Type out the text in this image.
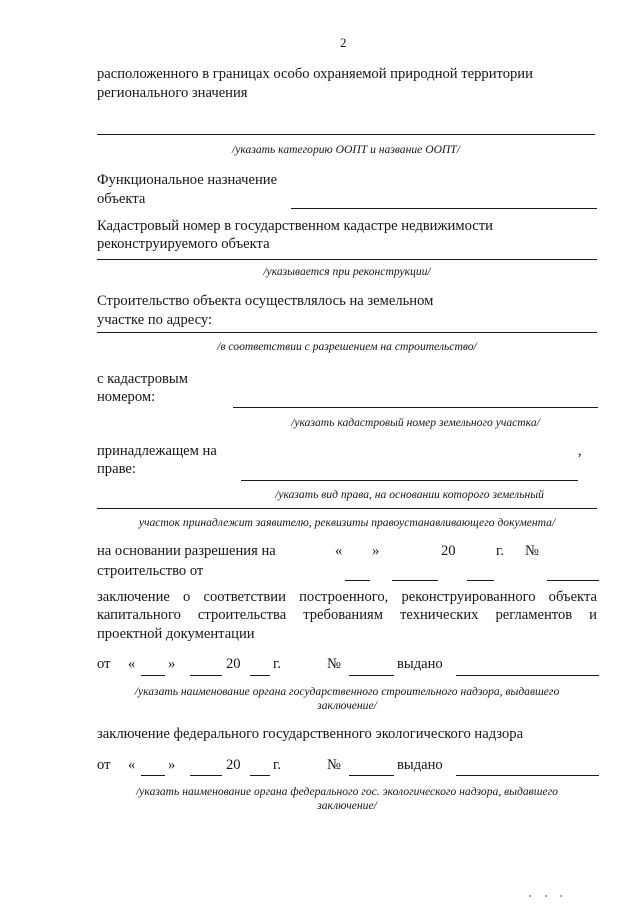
2
расположенного в границах особо охраняемой природной территории
регионального значения
/указать категорию ООПТ и название ООПТ/
Функциональное назначение
объекта
Кадастровый номер в государственном кадастре недвижимости
реконструируемого объекта
/указывается при реконструкции/
Строительство объекта осуществлялось на земельном
участке по адресу:
/в соответствии с разрешением на строительство/
с кадастровым
номером:
/указать кадастровый номер земельного участка/
принадлежащем на
праве:
,
/указать вид права, на основании которого земельный
участок принадлежит заявителю, реквизиты правоустанавливающего документа/
на основании разрешения на
строительство от
« »	20	г. №
заключение о соответствии построенного, реконструированного объекта
капитального строительства требованиям технических регламентов и
проектной документации
от « »	20 г.	№	выдано
/указать наименование органа государственного строительного надзора, выдавшего
заключение/
заключение федерального государственного экологического надзора
от « »	20 г.	№	выдано
/указать наименование органа федерального гос. экологического надзора, выдавшего
заключение/
